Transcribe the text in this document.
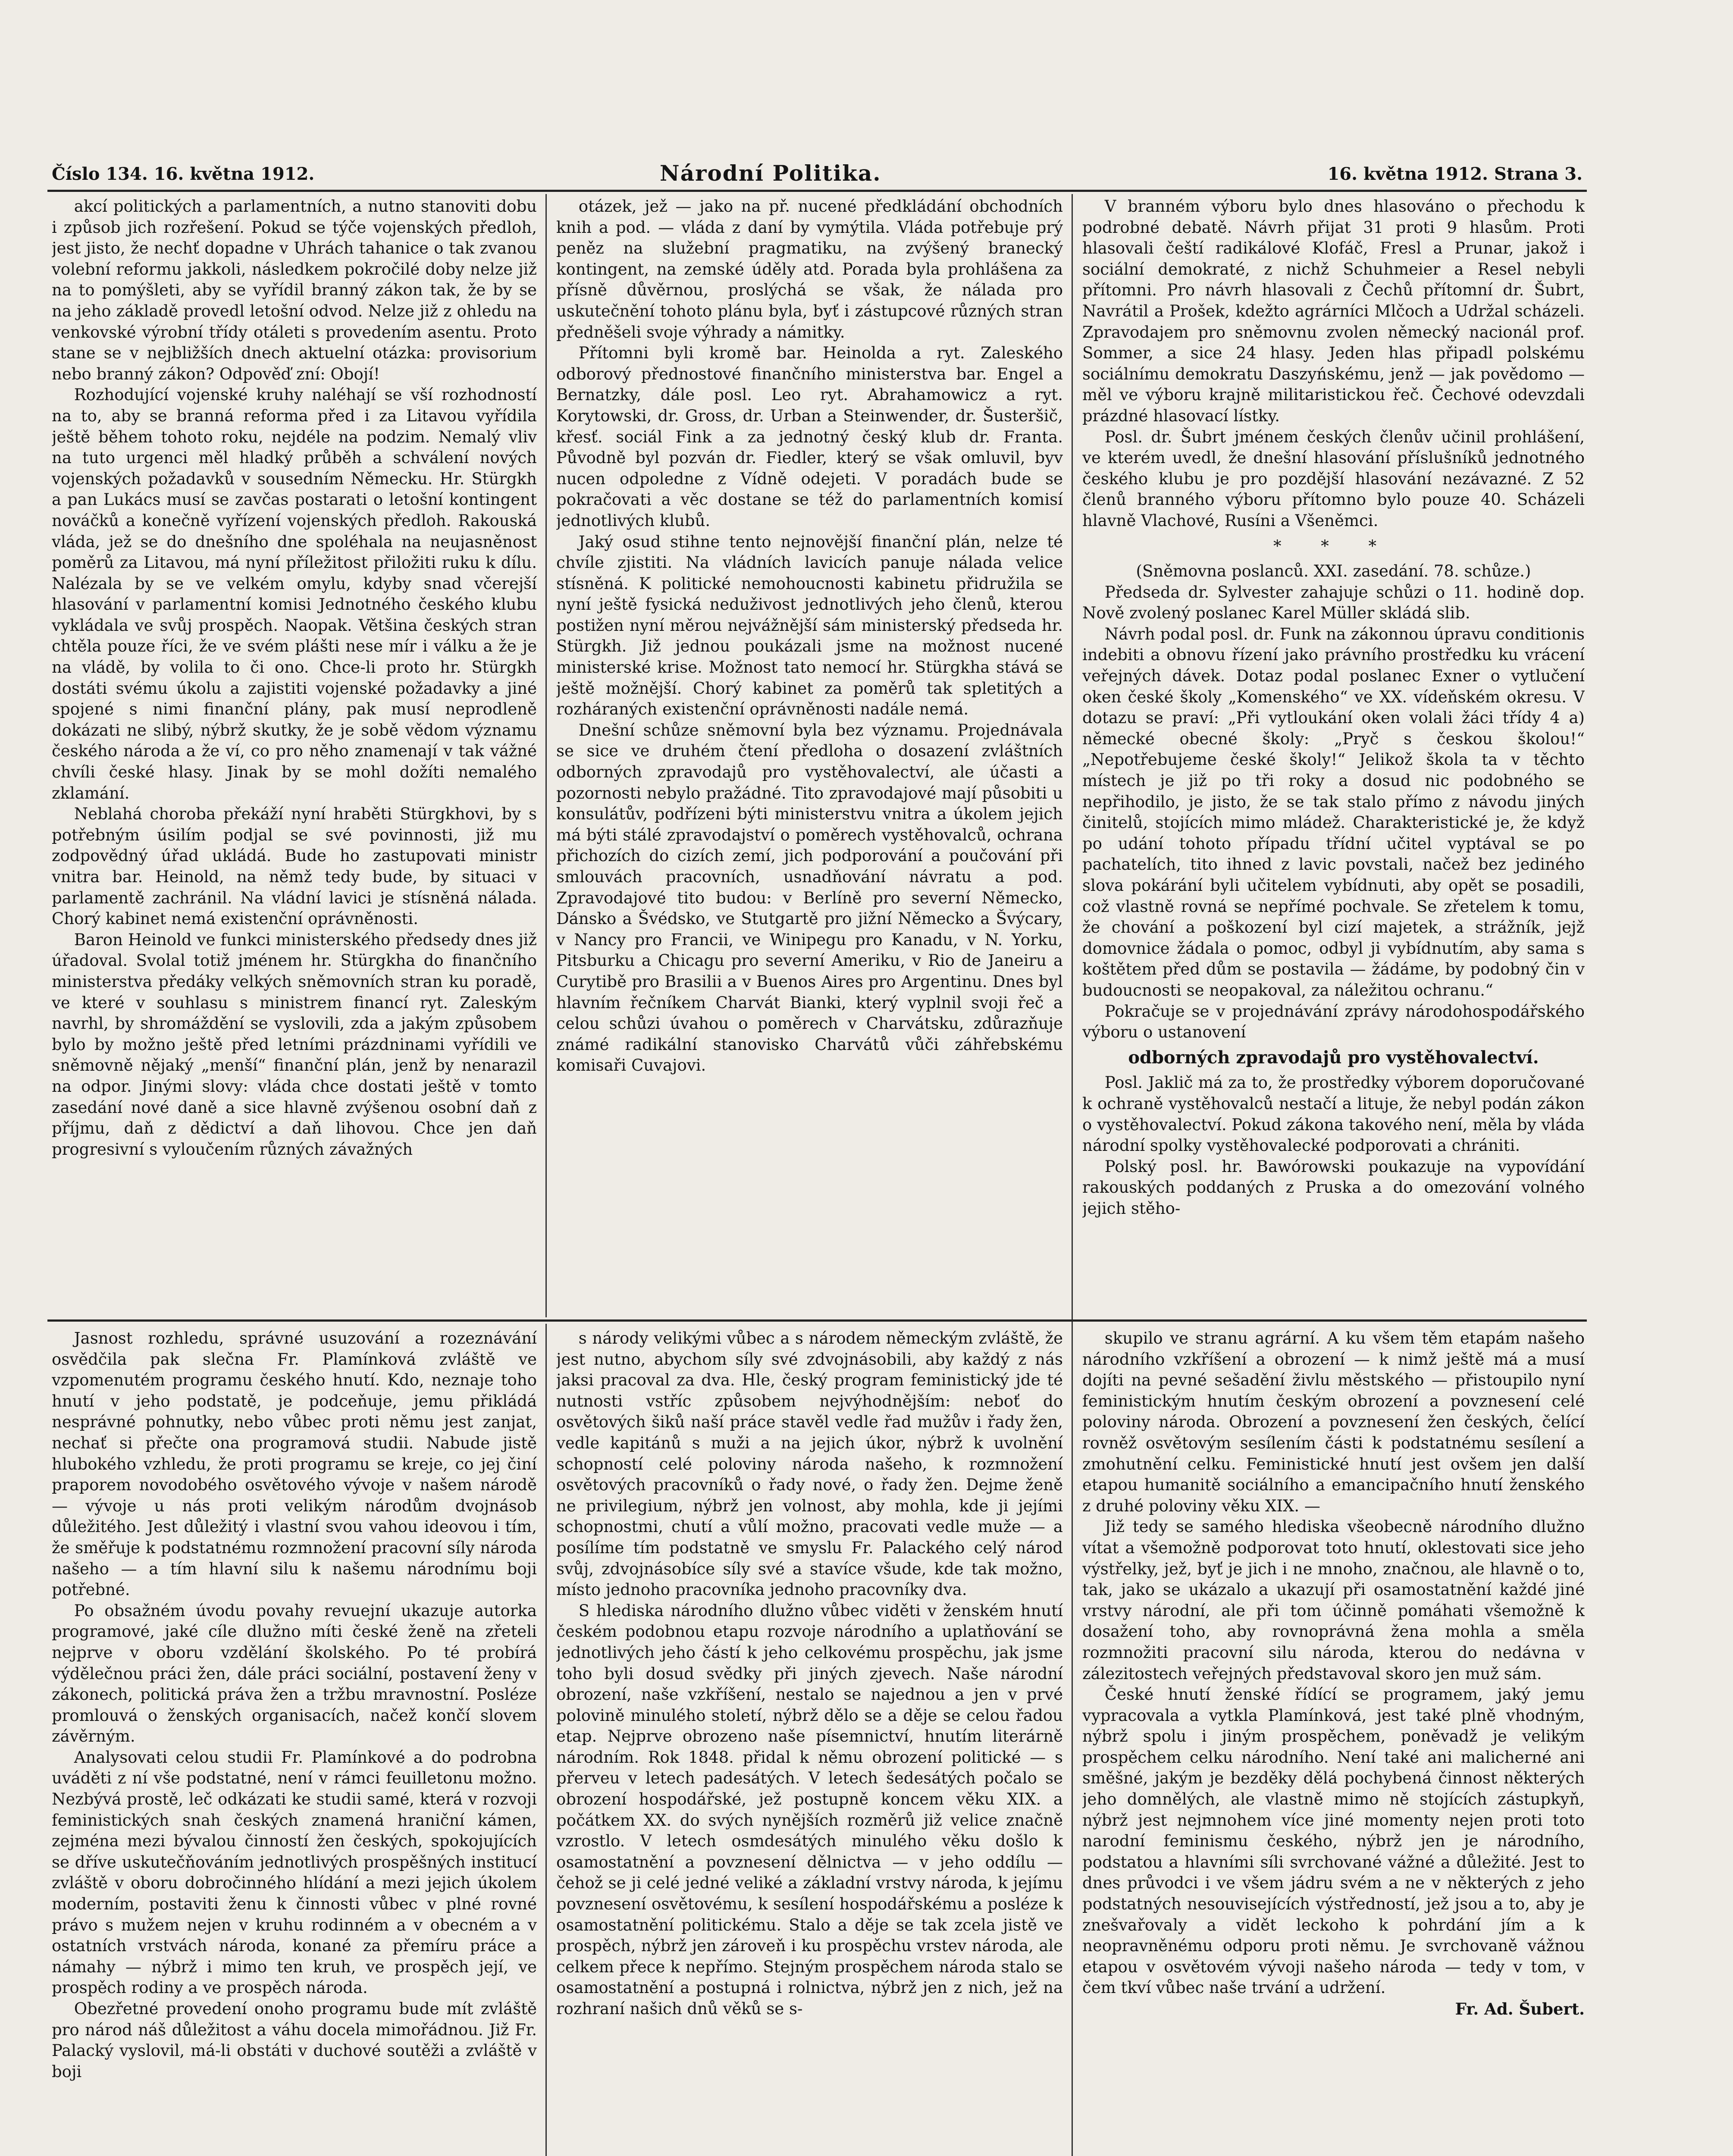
Číslo 134. 16. května 1912.	Národní Politika.	16. května 1912. Strana 3.

akcí politických a parlamentních, a nutno stanoviti dobu i způsob jich rozřešení. Pokud se týče vojenských předloh, jest jisto, že nechť dopadne v Uhrách tahanice o tak zvanou volební reformu jakkoli, následkem pokročilé doby nelze již na to pomýšleti, aby se vyřídil branný zákon tak, že by se na jeho základě provedl letošní odvod. Nelze již z ohledu na venkovské výrobní třídy otáleti s provedením asentu. Proto stane se v nejbližších dnech aktuelní otázka: provisorium nebo branný zákon? Odpověď zní: Obojí!

Rozhodující vojenské kruhy naléhají se vší rozhodností na to, aby se branná reforma před i za Litavou vyřídila ještě během tohoto roku, nejdéle na podzim. Nemalý vliv na tuto urgenci měl hladký průběh a schválení nových vojenských požadavků v sousedním Německu. Hr. Stürgkh a pan Lukács musí se zavčas postarati o letošní kontingent nováčků a konečně vyřízení vojenských předloh. Rakouská vláda, jež se do dnešního dne spoléhala na neujasněnost poměrů za Litavou, má nyní příležitost přiložiti ruku k dílu. Nalézala by se ve velkém omylu, kdyby snad včerejší hlasování v parlamentní komisi Jednotného českého klubu vykládala ve svůj prospěch. Naopak. Většina českých stran chtěla pouze říci, že ve svém plášti nese mír i válku a že je na vládě, by volila to či ono. Chce-li proto hr. Stürgkh dostáti svému úkolu a zajistiti vojenské požadavky a jiné spojené s nimi finanční plány, pak musí neprodleně dokázati ne slibý, nýbrž skutky, že je sobě vědom významu českého národa a že ví, co pro něho znamenají v tak vážné chvíli české hlasy. Jinak by se mohl dožíti nemalého zklamání.

Neblahá choroba překáží nyní hraběti Stürgkhovi, by s potřebným úsilím podjal se své povinnosti, již mu zodpovědný úřad ukládá. Bude ho zastupovati ministr vnitra bar. Heinold, na němž tedy bude, by situaci v parlamentě zachránil. Na vládní lavici je stísněná nálada. Chorý kabinet nemá existenční oprávněnosti.

Baron Heinold ve funkci ministerského předsedy dnes již úřadoval. Svolal totiž jménem hr. Stürgkha do finančního ministerstva předáky velkých sněmovních stran ku poradě, ve které v souhlasu s ministrem financí ryt. Zaleským navrhl, by shromáždění se vyslovili, zda a jakým způsobem bylo by možno ještě před letními prázdninami vyřídili ve sněmovně nějaký „menší“ finanční plán, jenž by nenarazil na odpor. Jinými slovy: vláda chce dostati ještě v tomto zasedání nové daně a sice hlavně zvýšenou osobní daň z příjmu, daň z dědictví a daň lihovou. Chce jen daň progresivní s vyloučením různých závažných

otázek, jež — jako na př. nucené předkládání obchodních knih a pod. — vláda z daní by vymýtila. Vláda potřebuje prý peněz na služební pragmatiku, na zvýšený branecký kontingent, na zemské úděly atd. Porada byla prohlášena za přísně důvěrnou, proslýchá se však, že nálada pro uskutečnění tohoto plánu byla, byť i zástupcové různých stran předněšeli svoje výhrady a námitky.

Přítomni byli kromě bar. Heinolda a ryt. Zaleského odborový přednostové finančního ministerstva bar. Engel a Bernatzky, dále posl. Leo ryt. Abrahamowicz a ryt. Korytowski, dr. Gross, dr. Urban a Steinwender, dr. Šusteršič, křesť. sociál Fink a za jednotný český klub dr. Franta. Původně byl pozván dr. Fiedler, který se však omluvil, byv nucen odpoledne z Vídně odejeti. V poradách bude se pokračovati a věc dostane se též do parlamentních komisí jednotlivých klubů.

Jaký osud stihne tento nejnovější finanční plán, nelze té chvíle zjistiti. Na vládních lavicích panuje nálada velice stísněná. K politické nemohoucnosti kabinetu přidružila se nyní ještě fysická neduživost jednotlivých jeho členů, kterou postižen nyní měrou nejvážnější sám ministerský předseda hr. Stürgkh. Již jednou poukázali jsme na možnost nucené ministerské krise. Možnost tato nemocí hr. Stürgkha stává se ještě možnější. Chorý kabinet za poměrů tak spletitých a rozháraných existenční oprávněnosti nadále nemá.

Dnešní schůze sněmovní byla bez významu. Projednávala se sice ve druhém čtení předloha o dosazení zvláštních odborných zpravodajů pro vystěhovalectví, ale účasti a pozornosti nebylo pražádné. Tito zpravodajové mají působiti u konsulátův, podřízeni býti ministerstvu vnitra a úkolem jejich má býti stálé zpravodajství o poměrech vystěhovalců, ochrana přichozích do cizích zemí, jich podporování a poučování při smlouvách pracovních, usnadňování návratu a pod. Zpravodajové tito budou: v Berlíně pro severní Německo, Dánsko a Švédsko, ve Stutgartě pro jižní Německo a Švýcary, v Nancy pro Francii, ve Winipegu pro Kanadu, v N. Yorku, Pitsburku a Chicagu pro severní Ameriku, v Rio de Janeiru a Curytibě pro Brasilii a v Buenos Aires pro Argentinu. Dnes byl hlavním řečníkem Charvát Bianki, který vyplnil svoji řeč a celou schůzi úvahou o poměrech v Charvátsku, zdůrazňuje známé radikální stanovisko Charvátů vůči záhřebskému komisaři Cuvajovi.

V branném výboru bylo dnes hlasováno o přechodu k podrobné debatě. Návrh přijat 31 proti 9 hlasům. Proti hlasovali čeští radikálové Klofáč, Fresl a Prunar, jakož i sociální demokraté, z nichž Schuhmeier a Resel nebyli přítomni. Pro návrh hlasovali z Čechů přítomní dr. Šubrt, Navrátil a Prošek, kdežto agrárníci Mlčoch a Udržal scházeli. Zpravodajem pro sněmovnu zvolen německý nacionál prof. Sommer, a sice 24 hlasy. Jeden hlas připadl polskému sociálnímu demokratu Daszyńskému, jenž — jak povědomo — měl ve výboru krajně militaristickou řeč. Čechové odevzdali prázdné hlasovací lístky.

Posl. dr. Šubrt jménem českých členův učinil prohlášení, ve kterém uvedl, že dnešní hlasování příslušníků jednotného českého klubu je pro pozdější hlasování nezávazné. Z 52 členů branného výboru přítomno bylo pouze 40. Scházeli hlavně Vlachové, Rusíni a Všeněmci.

* * *

(Sněmovna poslanců. XXI. zasedání. 78. schůze.)

Předseda dr. Sylvester zahajuje schůzi o 11. hodině dop. Nově zvolený poslanec Karel Müller skládá slib.

Návrh podal posl. dr. Funk na zákonnou úpravu conditionis indebiti a obnovu řízení jako právního prostředku ku vrácení veřejných dávek. Dotaz podal poslanec Exner o vytlučení oken české školy „Komenského“ ve XX. vídeňském okresu. V dotazu se praví: „Při vytloukání oken volali žáci třídy 4 a) německé obecné školy: „Pryč s českou školou!“ „Nepotřebujeme české školy!“ Jelikož škola ta v těchto místech je již po tři roky a dosud nic podobného se nepřihodilo, je jisto, že se tak stalo přímo z návodu jiných činitelů, stojících mimo mládež. Charakteristické je, že když po udání tohoto případu třídní učitel vyptával se po pachatelích, tito ihned z lavic povstali, načež bez jediného slova pokárání byli učitelem vybídnuti, aby opět se posadili, což vlastně rovná se nepřímé pochvale. Se zřetelem k tomu, že chování a poškození byl cizí majetek, a strážník, jejž domovnice žádala o pomoc, odbyl ji vybídnutím, aby sama s koštětem před dům se postavila — žádáme, by podobný čin v budoucnosti se neopakoval, za náležitou ochranu.“

Pokračuje se v projednávání zprávy národohospodářského výboru o ustanovení

odborných zpravodajů pro vystěhovalectví.

Posl. Jaklič má za to, že prostředky výborem doporučované k ochraně vystěhovalců nestačí a lituje, že nebyl podán zákon o vystěhovalectví. Pokud zákona takového není, měla by vláda národní spolky vystěhovalecké podporovati a chrániti.

Polský posl. hr. Bawórowski poukazuje na vypovídání rakouských poddaných z Pruska a do omezování volného jejich stěho-

Jasnost rozhledu, správné usuzování a rozeznávání osvědčila pak slečna Fr. Plamínková zvláště ve vzpomenutém programu českého hnutí. Kdo, neznaje toho hnutí v jeho podstatě, je podceňuje, jemu přikládá nesprávné pohnutky, nebo vůbec proti němu jest zanjat, nechať si přečte ona programová studii. Nabude jistě hlubokého vzhledu, že proti programu se kreje, co jej činí praporem novodobého osvětového vývoje v našem národě — vývoje u nás proti velikým národům dvojnásob důležitého. Jest důležitý i vlastní svou vahou ideovou i tím, že směřuje k podstatnému rozmnožení pracovní síly národa našeho — a tím hlavní silu k našemu národnímu boji potřebné.

Po obsažném úvodu povahy revuejní ukazuje autorka programové, jaké cíle dlužno míti české ženě na zřeteli nejprve v oboru vzdělání školského. Po té probírá výdělečnou práci žen, dále práci sociální, postavení ženy v zákonech, politická práva žen a tržbu mravnostní. Posléze promlouvá o ženských organisacích, načež končí slovem závěrným.

Analysovati celou studii Fr. Plamínkové a do podrobna uváděti z ní vše podstatné, není v rámci feuilletonu možno. Nezbývá prostě, leč odkázati ke studii samé, která v rozvoji feministických snah českých znamená hraniční kámen, zejména mezi bývalou činností žen českých, spokojujících se dříve uskutečňováním jednotlivých prospěšných institucí zvláště v oboru dobročinného hlídání a mezi jejich úkolem moderním, postaviti ženu k činnosti vůbec v plné rovné právo s mužem nejen v kruhu rodinném a v obecném a v ostatních vrstvách národa, konané za přemíru práce a námahy — nýbrž i mimo ten kruh, ve prospěch její, ve prospěch rodiny a ve prospěch národa.

Obezřetné provedení onoho programu bude mít zvláště pro národ náš důležitost a váhu docela mimořádnou. Již Fr. Palacký vyslovil, má-li obstáti v duchové soutěži a zvláště v boji

s národy velikými vůbec a s národem německým zvláště, že jest nutno, abychom síly své zdvojnásobili, aby každý z nás jaksi pracoval za dva. Hle, český program feministický jde té nutnosti vstříc způsobem nejvýhodnějším: neboť do osvětových šiků naší práce stavěl vedle řad mužův i řady žen, vedle kapitánů s muži a na jejich úkor, nýbrž k uvolnění schopností celé poloviny národa našeho, k rozmnožení osvětových pracovníků o řady nové, o řady žen. Dejme ženě ne privilegium, nýbrž jen volnost, aby mohla, kde ji jejími schopnostmi, chutí a vůlí možno, pracovati vedle muže — a posílíme tím podstatně ve smyslu Fr. Palackého celý národ svůj, zdvojnásobíce síly své a stavíce všude, kde tak možno, místo jednoho pracovníka jednoho pracovníky dva.

S hlediska národního dlužno vůbec viděti v ženském hnutí českém podobnou etapu rozvoje národního a uplatňování se jednotlivých jeho částí k jeho celkovému prospěchu, jak jsme toho byli dosud svědky při jiných zjevech. Naše národní obrození, naše vzkříšení, nestalo se najednou a jen v prvé polovině minulého století, nýbrž dělo se a děje se celou řadou etap. Nejprve obrozeno naše písemnictví, hnutím literárně národním. Rok 1848. přidal k němu obrození politické — s přerveu v letech padesátých. V letech šedesátých počalo se obrození hospodářské, jež postupně koncem věku XIX. a počátkem XX. do svých nynějších rozměrů již velice značně vzrostlo. V letech osmdesátých minulého věku došlo k osamostatnění a povznesení dělnictva — v jeho oddílu — čehož se ji celé jedné veliké a základní vrstvy národa, k jejímu povznesení osvětovému, k sesílení hospodářskému a posléze k osamostatnění politickému. Stalo a děje se tak zcela jistě ve prospěch, nýbrž jen zároveň i ku prospěchu vrstev národa, ale celkem přece k nepřímo. Stejným prospěchem národa stalo se osamostatnění a postupná i rolnictva, nýbrž jen z nich, jež na rozhraní našich dnů věků se s-

skupilo ve stranu agrární. A ku všem těm etapám našeho národního vzkříšení a obrození — k nimž ještě má a musí dojíti na pevné sešadění živlu městského — přistoupilo nyní feministickým hnutím českým obrození a povznesení celé poloviny národa. Obrození a povznesení žen českých, čelící rovněž osvětovým sesílením části k podstatnému sesílení a zmohutnění celku. Feministické hnutí jest ovšem jen další etapou humanitě sociálního a emancipačního hnutí ženského z druhé poloviny věku XIX. —

Již tedy se samého hlediska všeobecně národního dlužno vítat a všemožně podporovat toto hnutí, oklestovati sice jeho výstřelky, jež, byť je jich i ne mnoho, značnou, ale hlavně o to, tak, jako se ukázalo a ukazují při osamostatnění každé jiné vrstvy národní, ale při tom účinně pomáhati všemožně k dosažení toho, aby rovnoprávná žena mohla a směla rozmnožiti pracovní silu národa, kterou do nedávna v zálezitostech veřejných představoval skoro jen muž sám.

České hnutí ženské řídící se programem, jaký jemu vypracovala a vytkla Plamínková, jest také plně vhodným, nýbrž spolu i jiným prospěchem, poněvadž je velikým prospěchem celku národního. Není také ani malicherné ani směšné, jakým je bezděky dělá pochybená činnost některých jeho domnělých, ale vlastně mimo ně stojících zástupkyň, nýbrž jest nejmnohem více jiné momenty nejen proti toto narodní feminismu českého, nýbrž jen je národního, podstatou a hlavními síli svrchované vážné a důležité. Jest to dnes průvodci i ve všem jádru svém a ne v některých z jeho podstatných nesouvisejících výstředností, jež jsou a to, aby je znešvařovaly a vidět leckoho k pohrdání jím a k neopravněnému odporu proti němu. Je svrchovaně vážnou etapou v osvětovém vývoji našeho národa — tedy v tom, v čem tkví vůbec naše trvání a udržení.

Fr. Ad. Šubert.
